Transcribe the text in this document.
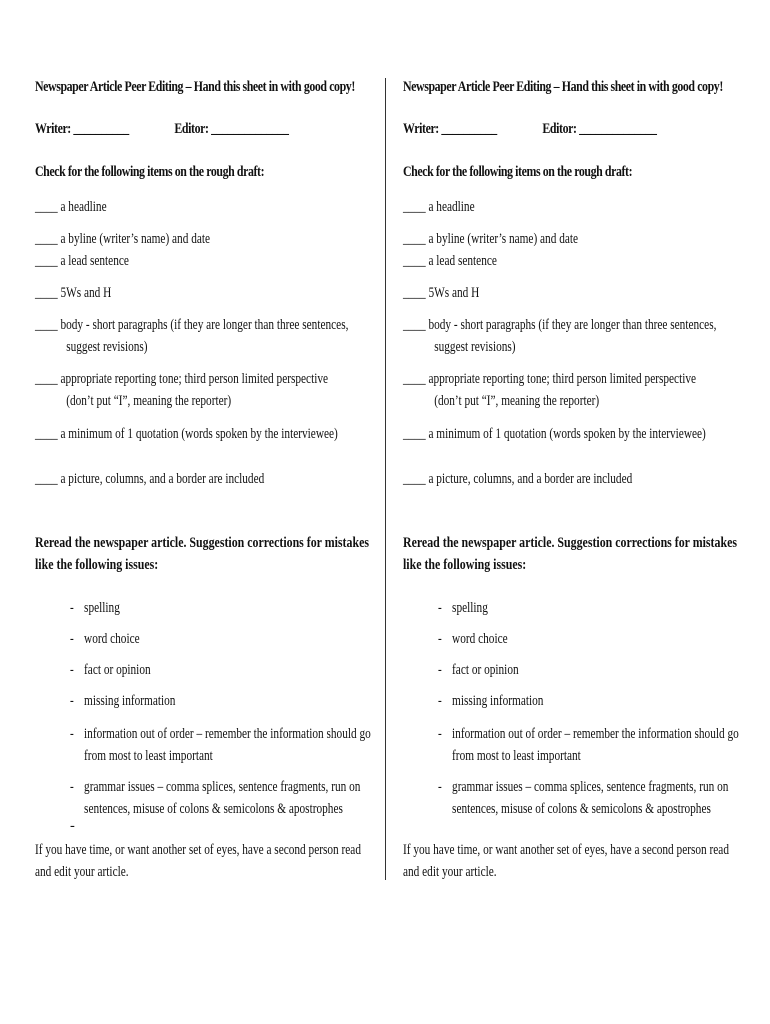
Newspaper Article Peer Editing – Hand this sheet in with good copy!
Writer: __________	Editor: ______________
Check for the following items on the rough draft:
____ a headline
____ a byline (writer’s name) and date
____ a lead sentence
____ 5Ws and H
____ body - short paragraphs (if they are longer than three sentences,
suggest revisions)
____ appropriate reporting tone; third person limited perspective
(don’t put “I”, meaning the reporter)
____ a minimum of 1 quotation (words spoken by the interviewee)
____ a picture, columns, and a border are included
Reread the newspaper article. Suggestion corrections for mistakes like the following issues:
- spelling
- word choice
- fact or opinion
- missing information
- information out of order – remember the information should go
from most to least important
- grammar issues – comma splices, sentence fragments, run on
sentences, misuse of colons & semicolons & apostrophes
-
If you have time, or want another set of eyes, have a second person read and edit your article.
Newspaper Article Peer Editing – Hand this sheet in with good copy!
Writer: __________	Editor: ______________
Check for the following items on the rough draft:
____ a headline
____ a byline (writer’s name) and date
____ a lead sentence
____ 5Ws and H
____ body - short paragraphs (if they are longer than three sentences,
suggest revisions)
____ appropriate reporting tone; third person limited perspective
(don’t put “I”, meaning the reporter)
____ a minimum of 1 quotation (words spoken by the interviewee)
____ a picture, columns, and a border are included
Reread the newspaper article. Suggestion corrections for mistakes like the following issues:
- spelling
- word choice
- fact or opinion
- missing information
- information out of order – remember the information should go
from most to least important
- grammar issues – comma splices, sentence fragments, run on
sentences, misuse of colons & semicolons & apostrophes
If you have time, or want another set of eyes, have a second person read and edit your article.
